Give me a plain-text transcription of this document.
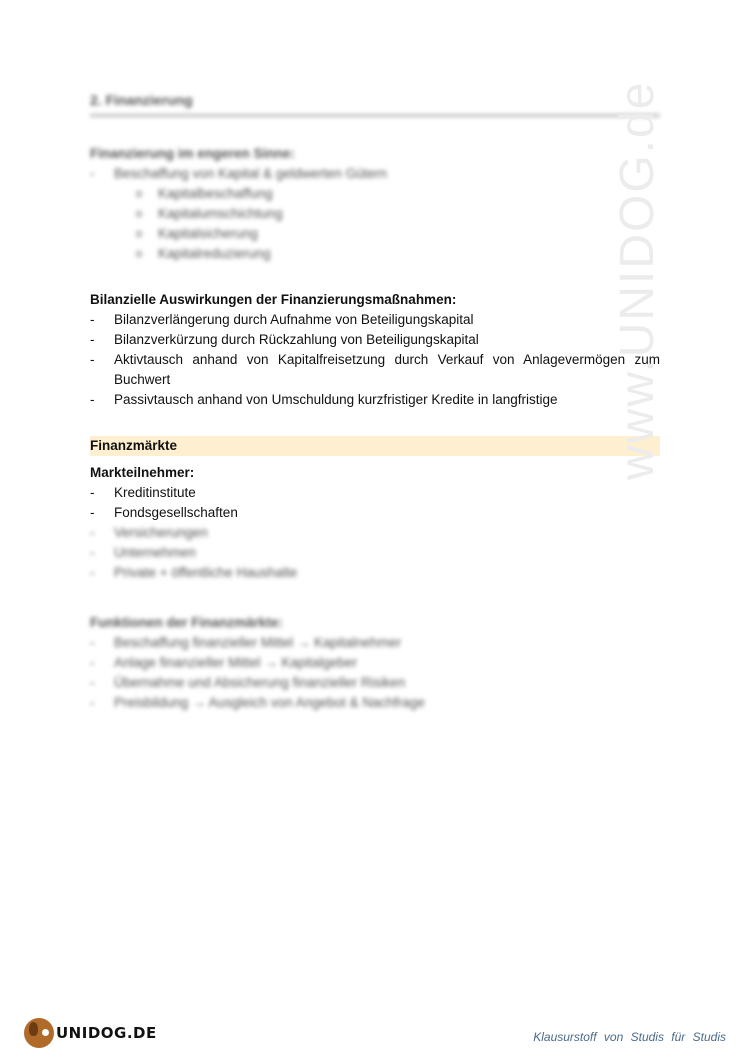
2. Finanzierung
Finanzierung im engeren Sinne:
- Beschaffung von Kapital & geldwerten Gütern
o Kapitalbeschaffung
o Kapitalumschichtung
o Kapitalsicherung
o Kapitalreduzierung
Bilanzielle Auswirkungen der Finanzierungsmaßnahmen:
- Bilanzverlängerung durch Aufnahme von Beteiligungskapital
- Bilanzverkürzung durch Rückzahlung von Beteiligungskapital
- Aktivtausch anhand von Kapitalfreisetzung durch Verkauf von Anlagevermögen zum
Buchwert
- Passivtausch anhand von Umschuldung kurzfristiger Kredite in langfristige
Finanzmärkte
Markteilnehmer:
- Kreditinstitute
- Fondsgesellschaften
- Versicherungen
- Unternehmen
- Private + öffentliche Haushalte
Funktionen der Finanzmärkte:
- Beschaffung finanzieller Mittel → Kapitalnehmer
- Anlage finanzieller Mittel → Kapitalgeber
- Übernahme und Absicherung finanzieller Risiken
- Preisbildung → Ausgleich von Angebot & Nachfrage
www.UNIDOG.de
UNIDOG.DE	Klausurstoff von Studis für Studis
